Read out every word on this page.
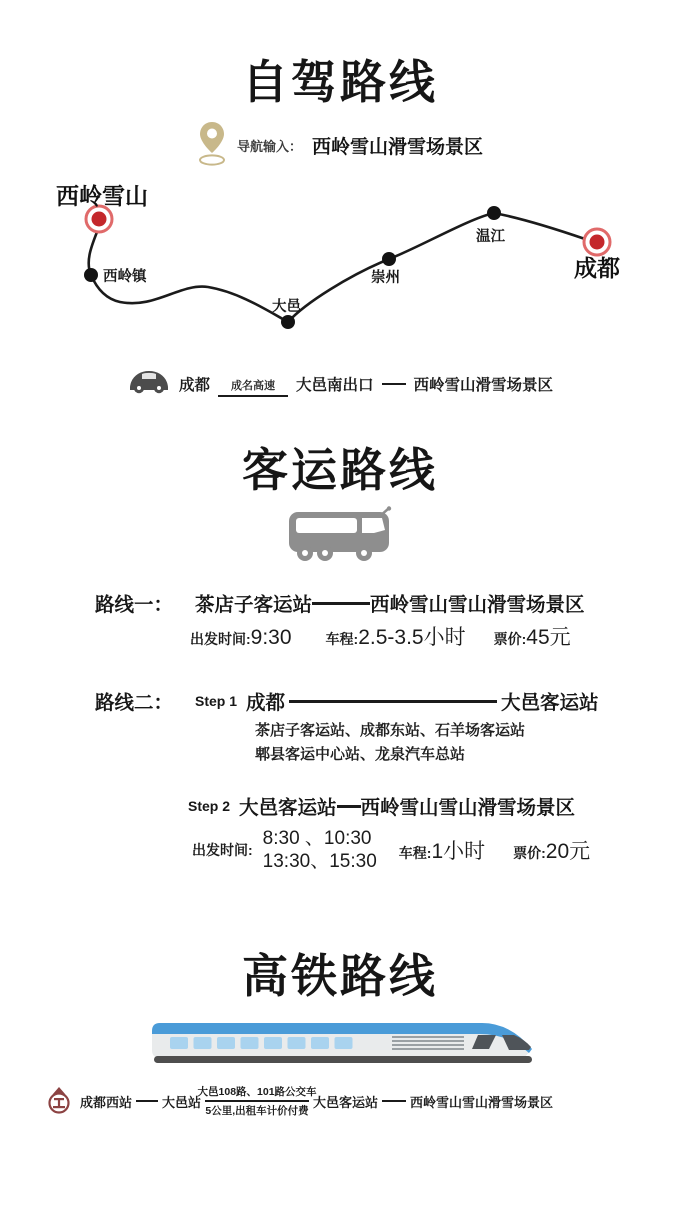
自驾路线
导航输入： 西岭雪山滑雪场景区
西岭雪山
西岭镇
大邑
崇州
温江
成都
成都 成名高速 大邑南出口	西岭雪山滑雪场景区
客运路线
路线一： 茶店子客运站	西岭雪山雪山滑雪场景区
出发时间: 9:30 车程: 2.5-3.5小时 票价: 45元
路线二： Step 1 成都	大邑客运站
茶店子客运站、成都东站、石羊场客运站
郫县客运中心站、龙泉汽车总站
Step 2 大邑客运站 西岭雪山雪山滑雪场景区
出发时间:
8:30 、10:30
13:30、15:30 车程:1小时 票价:20元
高铁路线
成都西站 大邑站
大邑108路、101路公交车
5公里,出租车计价付费
大邑客运站 西岭雪山雪山滑雪场景区
